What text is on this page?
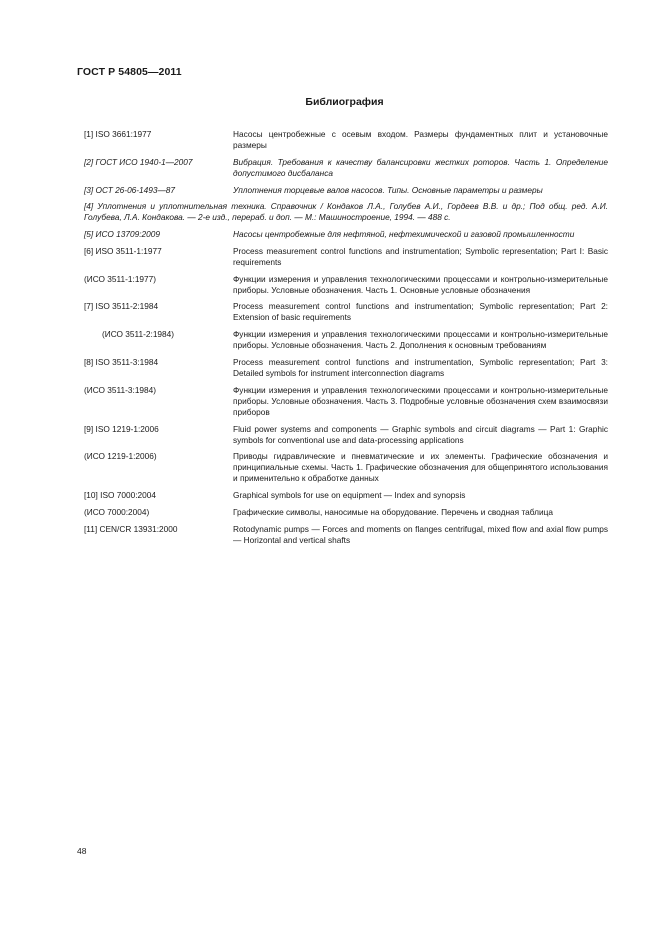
ГОСТ Р 54805—2011
Библиография
[1] ISO 3661:1977	Насосы центробежные с осевым входом. Размеры фундаментных плит и установочные размеры
[2] ГОСТ ИСО 1940-1—2007	Вибрация. Требования к качеству балансировки жестких роторов. Часть 1. Определение допустимого дисбаланса
[3] ОСТ 26-06-1493—87	Уплотнения торцевые валов насосов. Типы. Основные параметры и размеры
[4] Уплотнения и уплотнительная техника. Справочник / Кондаков Л.А., Голубев А.И., Гордеев В.В. и др.; Под общ. ред. А.И. Голубева, Л.А. Кондакова. — 2-е изд., перераб. и доп. — М.: Машиностроение, 1994. — 488 с.
[5] ИСО 13709:2009	Насосы центробежные для нефтяной, нефтехимической и газовой промышленности
[6] ИSO 3511-1:1977	Process measurement control functions and instrumentation; Symbolic representation; Part I: Basic requirements
(ИСО 3511-1:1977)	Функции измерения и управления технологическими процессами и контрольно-измерительные приборы. Условные обозначения. Часть 1. Основные условные обозначения
[7] ISO 3511-2:1984	Process measurement control functions and instrumentation; Symbolic representation; Part 2: Extension of basic requirements
(ИСО 3511-2:1984)	Функции измерения и управления технологическими процессами и контрольно-измерительные приборы. Условные обозначения. Часть 2. Дополнения к основным требованиям
[8] ISO 3511-3:1984	Process measurement control functions and instrumentation, Symbolic representation; Part 3: Detailed symbols for instrument interconnection diagrams
(ИСО 3511-3:1984)	Функции измерения и управления технологическими процессами и контрольно-измерительные приборы. Условные обозначения. Часть 3. Подробные условные обозначения схем взаимосвязи приборов
[9] ISO 1219-1:2006	Fluid power systems and components — Graphic symbols and circuit diagrams — Part 1: Graphic symbols for conventional use and data-processing applications
(ИСО 1219-1:2006)	Приводы гидравлические и пневматические и их элементы. Графические обозначения и принципиальные схемы. Часть 1. Графические обозначения для общепринятого использования и применительно к обработке данных
[10] ISO 7000:2004	Graphical symbols for use on equipment — Index and synopsis
(ИСО 7000:2004)	Графические символы, наносимые на оборудование. Перечень и сводная таблица
[11] CEN/CR 13931:2000	Rotodynamic pumps — Forces and moments on flanges centrifugal, mixed flow and axial flow pumps — Horizontal and vertical shafts
48
